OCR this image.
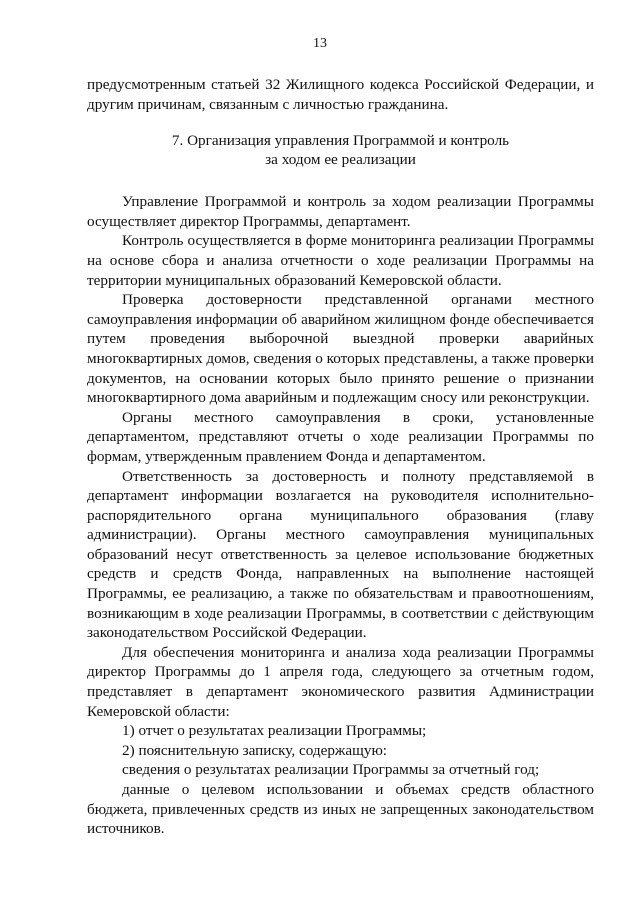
13

предусмотренным статьей 32 Жилищного кодекса Российской Федерации, и другим причинам, связанным с личностью гражданина.

7. Организация управления Программой и контроль
за ходом ее реализации

Управление Программой и контроль за ходом реализации Программы осуществляет директор Программы, департамент.

Контроль осуществляется в форме мониторинга реализации Программы на основе сбора и анализа отчетности о ходе реализации Программы на территории муниципальных образований Кемеровской области.

Проверка достоверности представленной органами местного самоуправления информации об аварийном жилищном фонде обеспечивается путем проведения выборочной выездной проверки аварийных многоквартирных домов, сведения о которых представлены, а также проверки документов, на основании которых было принято решение о признании многоквартирного дома аварийным и подлежащим сносу или реконструкции.

Органы местного самоуправления в сроки, установленные департаментом, представляют отчеты о ходе реализации Программы по формам, утвержденным правлением Фонда и департаментом.

Ответственность за достоверность и полноту представляемой в департамент информации возлагается на руководителя исполнительно-распорядительного органа муниципального образования (главу администрации). Органы местного самоуправления муниципальных образований несут ответственность за целевое использование бюджетных средств и средств Фонда, направленных на выполнение настоящей Программы, ее реализацию, а также по обязательствам и правоотношениям, возникающим в ходе реализации Программы, в соответствии с действующим законодательством Российской Федерации.

Для обеспечения мониторинга и анализа хода реализации Программы директор Программы до 1 апреля года, следующего за отчетным годом, представляет в департамент экономического развития Администрации Кемеровской области:

1) отчет о результатах реализации Программы;

2) пояснительную записку, содержащую:

сведения о результатах реализации Программы за отчетный год;

данные о целевом использовании и объемах средств областного бюджета, привлеченных средств из иных не запрещенных законодательством источников.
